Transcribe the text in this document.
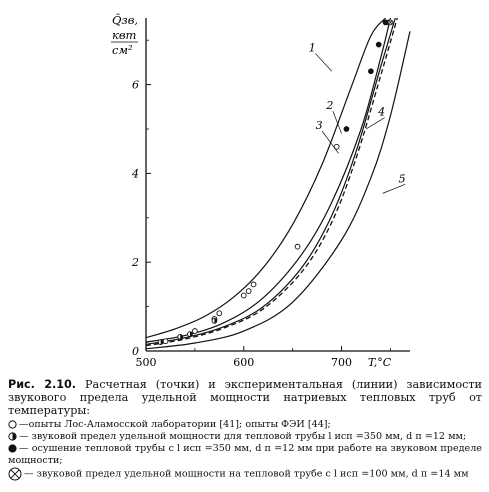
500	600	700
0
2
4
6
T,°C
Q̄зв,
квт
см²	1
2
3
4
5

Рис. 2.10. Расчетная (точки) и экспериментальная (линии) зависимости звукового предела удельной мощности натриевых тепловых труб от температуры:

—опыты Лос-Аламосской лаборатории [41]; опыты ФЭИ [44];

— звуковой предел удельной мощности для тепловой трубы l исп =350 мм, d п =12 мм;

— осушение тепловой трубы с l исп =350 мм, d п =12 мм при работе на звуковом пределе мощности;

— звуковой предел удельной мощности на тепловой трубе с l исп =100 мм, d п =14 мм
